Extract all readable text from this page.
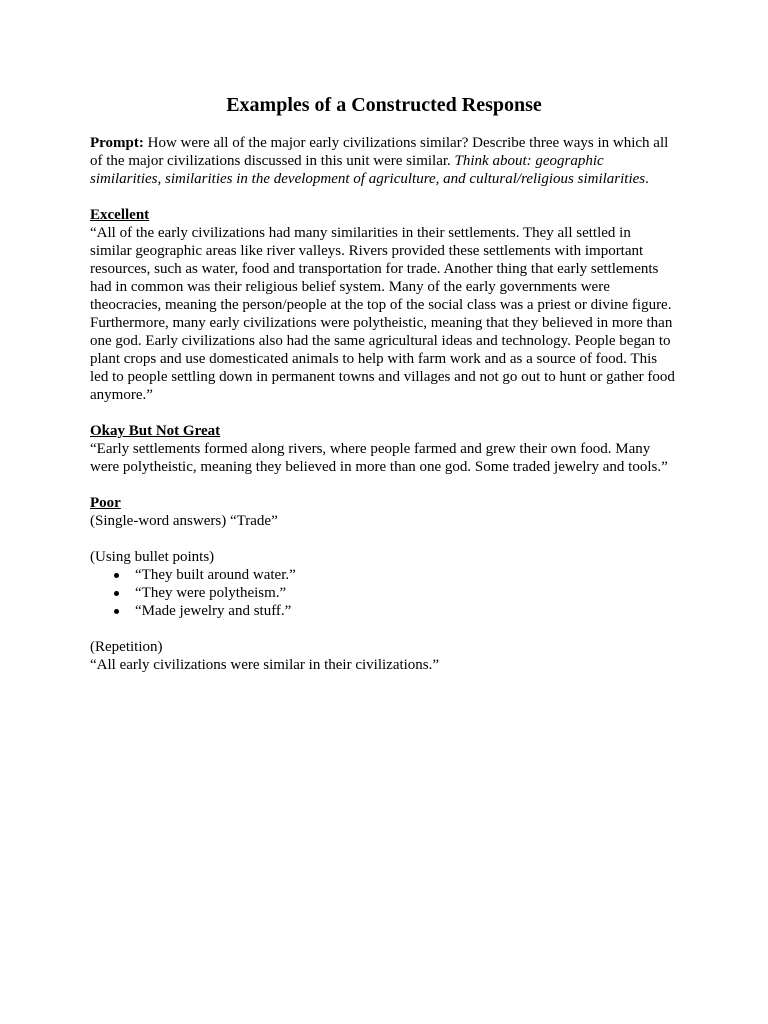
Examples of a Constructed Response
Prompt: How were all of the major early civilizations similar? Describe three ways in which all
of the major civilizations discussed in this unit were similar. Think about: geographic
similarities, similarities in the development of agriculture, and cultural/religious similarities.
Excellent
“All of the early civilizations had many similarities in their settlements. They all settled in
similar geographic areas like river valleys. Rivers provided these settlements with important
resources, such as water, food and transportation for trade. Another thing that early settlements
had in common was their religious belief system. Many of the early governments were
theocracies, meaning the person/people at the top of the social class was a priest or divine figure.
Furthermore, many early civilizations were polytheistic, meaning that they believed in more than
one god. Early civilizations also had the same agricultural ideas and technology. People began to
plant crops and use domesticated animals to help with farm work and as a source of food. This
led to people settling down in permanent towns and villages and not go out to hunt or gather food
anymore.”
Okay But Not Great
“Early settlements formed along rivers, where people farmed and grew their own food. Many
were polytheistic, meaning they believed in more than one god. Some traded jewelry and tools.”
Poor
(Single-word answers) “Trade”
(Using bullet points)
“They built around water.”
“They were polytheism.”
“Made jewelry and stuff.”
(Repetition)
“All early civilizations were similar in their civilizations.”
